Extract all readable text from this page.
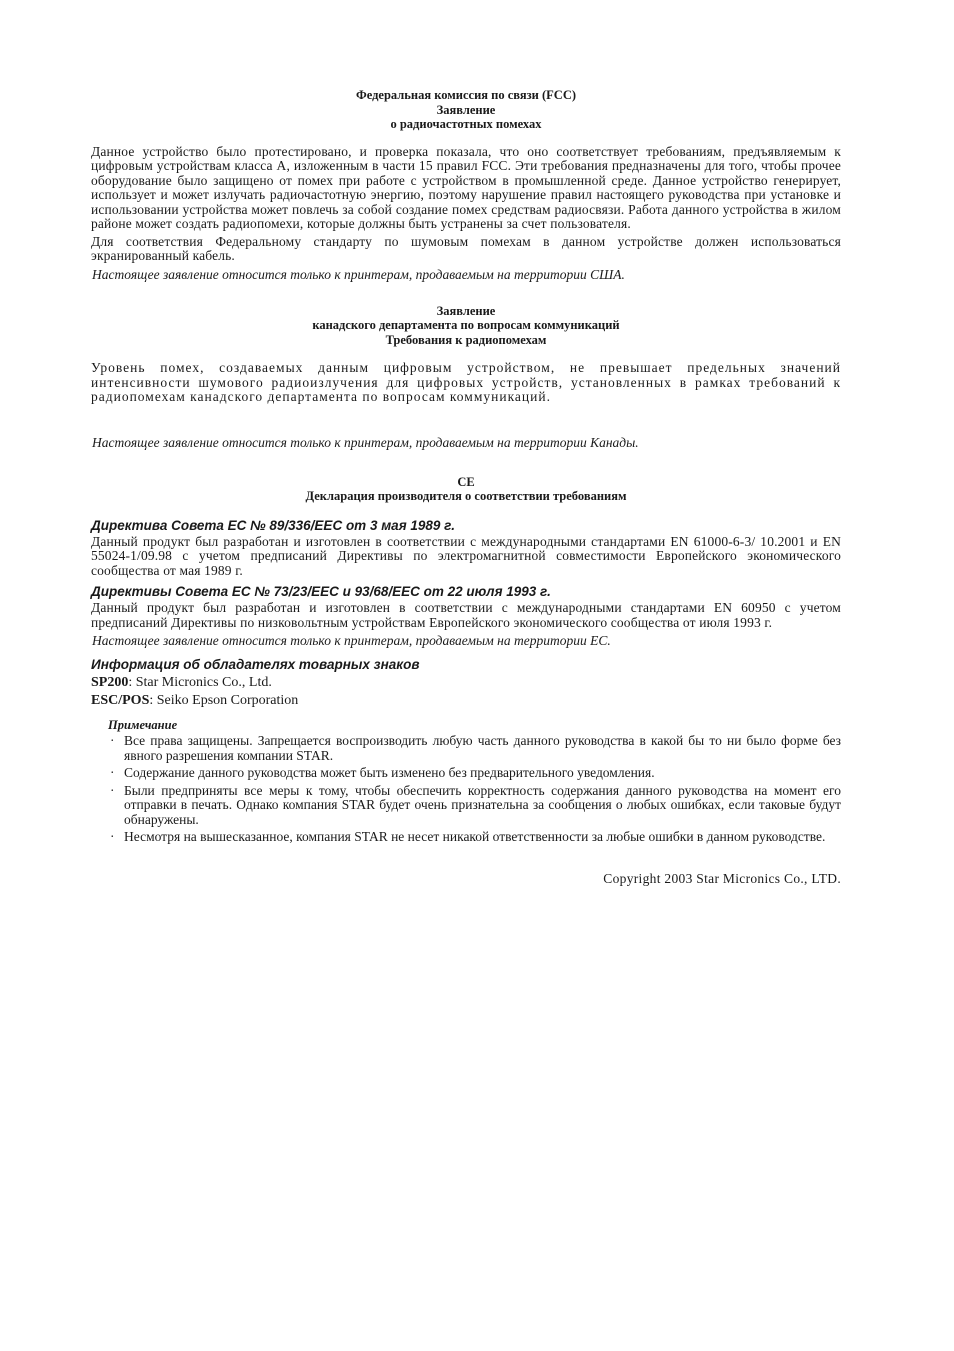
Федеральная комиссия по связи (FCC)
Заявление
о радиочастотных помехах

Данное устройство было протестировано, и проверка показала, что оно соответствует требованиям, предъявляемым к цифровым устройствам класса А, изложенным в части 15 правил FCC. Эти требования предназначены для того, чтобы прочее оборудование было защищено от помех при работе с устройством в промышленной среде. Данное устройство генерирует, использует и может излучать радиочастотную энергию, поэтому нарушение правил настоящего руководства при установке и использовании устройства может повлечь за собой создание помех средствам радиосвязи. Работа данного устройства в жилом районе может создать радиопомехи, которые должны быть устранены за счет пользователя.

Для соответствия Федеральному стандарту по шумовым помехам в данном устройстве должен использоваться экранированный кабель.

Настоящее заявление относится только к принтерам, продаваемым на территории США.

Заявление
канадского департамента по вопросам коммуникаций
Требования к радиопомехам

Уровень помех, создаваемых данным цифровым устройством, не превышает предельных значений интенсивности шумового радиоизлучения для цифровых устройств, установленных в рамках требований к радиопомехам канадского департамента по вопросам коммуникаций.

Настоящее заявление относится только к принтерам, продаваемым на территории Канады.

CE
Декларация производителя о соответствии требованиям
Директива Совета ЕС № 89/336/EEC от 3 мая 1989 г.

Данный продукт был разработан и изготовлен в соответствии с международными стандартами EN 61000-6-3/ 10.2001 и EN 55024-1/09.98 с учетом предписаний Директивы по электромагнитной совместимости Европейского экономического сообщества от мая 1989 г.

Директивы Совета ЕС № 73/23/EEC и 93/68/EEC от 22 июля 1993 г.

Данный продукт был разработан и изготовлен в соответствии с международными стандартами EN 60950 с учетом предписаний Директивы по низковольтным устройствам Европейского экономического сообщества от июля 1993 г.

Настоящее заявление относится только к принтерам, продаваемым на территории ЕС.

Информация об обладателях товарных знаков
SP200: Star Micronics Co., Ltd.
ESC/POS: Seiko Epson Corporation
Примечание
· Все права защищены. Запрещается воспроизводить любую часть данного руководства в какой бы то ни было форме без явного разрешения компании STAR.
· Содержание данного руководства может быть изменено без предварительного уведомления.
· Были предприняты все меры к тому, чтобы обеспечить корректность содержания данного руководства на момент его отправки в печать. Однако компания STAR будет очень признательна за сообщения о любых ошибках, если таковые будут обнаружены.
· Несмотря на вышесказанное, компания STAR не несет никакой ответственности за любые ошибки в данном руководстве.
Copyright 2003 Star Micronics Co., LTD.
